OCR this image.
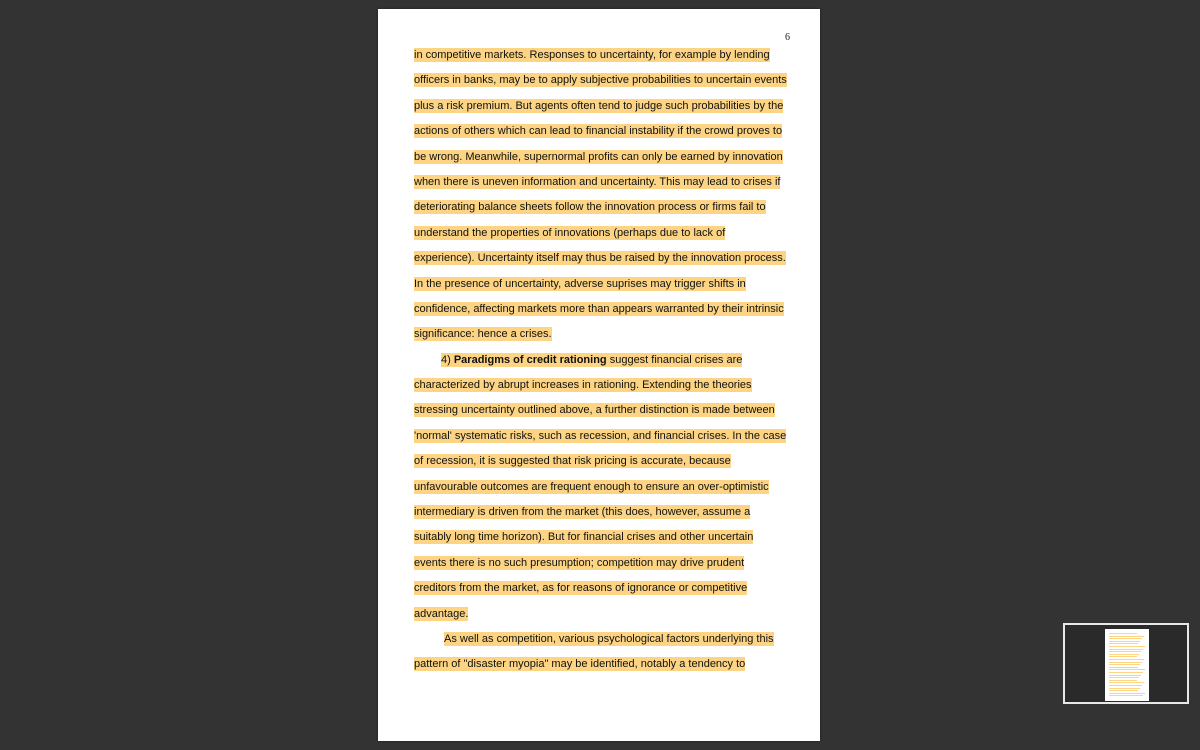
6
in competitive markets. Responses to uncertainty, for example by lending
officers in banks, may be to apply subjective probabilities to uncertain events
plus a risk premium. But agents often tend to judge such probabilities by the
actions of others which can lead to financial instability if the crowd proves to
be wrong. Meanwhile, supernormal profits can only be earned by innovation
when there is uneven information and uncertainty. This may lead to crises if
deteriorating balance sheets follow the innovation process or firms fail to
understand the properties of innovations (perhaps due to lack of
experience). Uncertainty itself may thus be raised by the innovation process.
In the presence of uncertainty, adverse suprises may trigger shifts in
confidence, affecting markets more than appears warranted by their intrinsic
significance: hence a crises.
4) Paradigms of credit rationing suggest financial crises are
characterized by abrupt increases in rationing. Extending the theories
stressing uncertainty outlined above, a further distinction is made between
'normal' systematic risks, such as recession, and financial crises. In the case
of recession, it is suggested that risk pricing is accurate, because
unfavourable outcomes are frequent enough to ensure an over-optimistic
intermediary is driven from the market (this does, however, assume a
suitably long time horizon). But for financial crises and other uncertain
events there is no such presumption; competition may drive prudent
creditors from the market, as for reasons of ignorance or competitive
advantage.
As well as competition, various psychological factors underlying this
pattern of "disaster myopia" may be identified, notably a tendency to
